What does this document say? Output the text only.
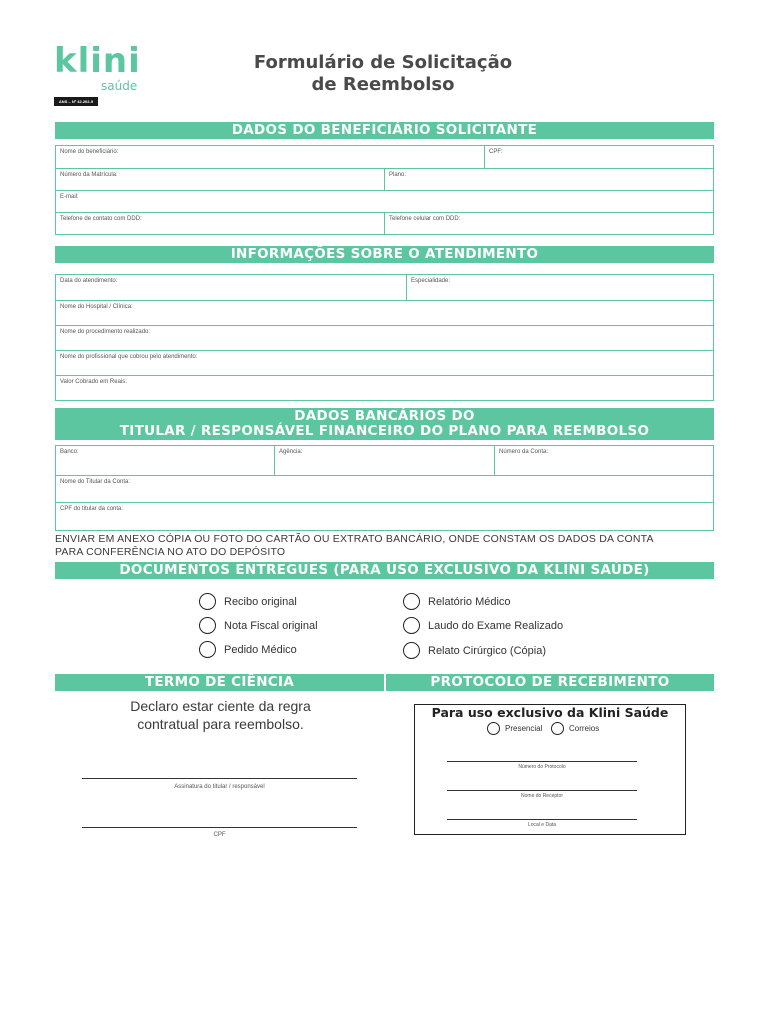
klini
saúde
ANS – Nº 42.202-9
Formulário de Solicitação
de Reembolso
DADOS DO BENEFICIÁRIO SOLICITANTE
Nome do beneficiário:	CPF:
Número da Matrícula:	Plano:
E-mail:
Telefone de contato com DDD:	Telefone celular com DDD:
INFORMAÇÕES SOBRE O ATENDIMENTO
Data do atendimento:	Especialidade:
Nome do Hospital / Clínica:
Nome do procedimento realizado:
Nome do profissional que cobrou pelo atendimento:
Valor Cobrado em Reais:
DADOS BANCÁRIOS DO
TITULAR / RESPONSÁVEL FINANCEIRO DO PLANO PARA REEMBOLSO
Banco:	Agência:	Número da Conta:
Nome do Titular da Conta:
CPF do titular da conta:
ENVIAR EM ANEXO CÓPIA OU FOTO DO CARTÃO OU EXTRATO BANCÁRIO, ONDE CONSTAM OS DADOS DA CONTA
PARA CONFERÊNCIA NO ATO DO DEPÓSITO
DOCUMENTOS ENTREGUES (PARA USO EXCLUSIVO DA KLINI SAÚDE)
Recibo original
Nota Fiscal original
Pedido Médico
Relatório Médico
Laudo do Exame Realizado
Relato Cirúrgico (Cópia)
TERMO DE CIÊNCIA	PROTOCOLO DE RECEBIMENTO
Declaro estar ciente da regra
contratual para reembolso.
Assinatura do titular / responsável
CPF
Para uso exclusivo da Klini Saúde
Presencial	Correios
Número do Protocolo
Nome do Receptor
Local e Data
